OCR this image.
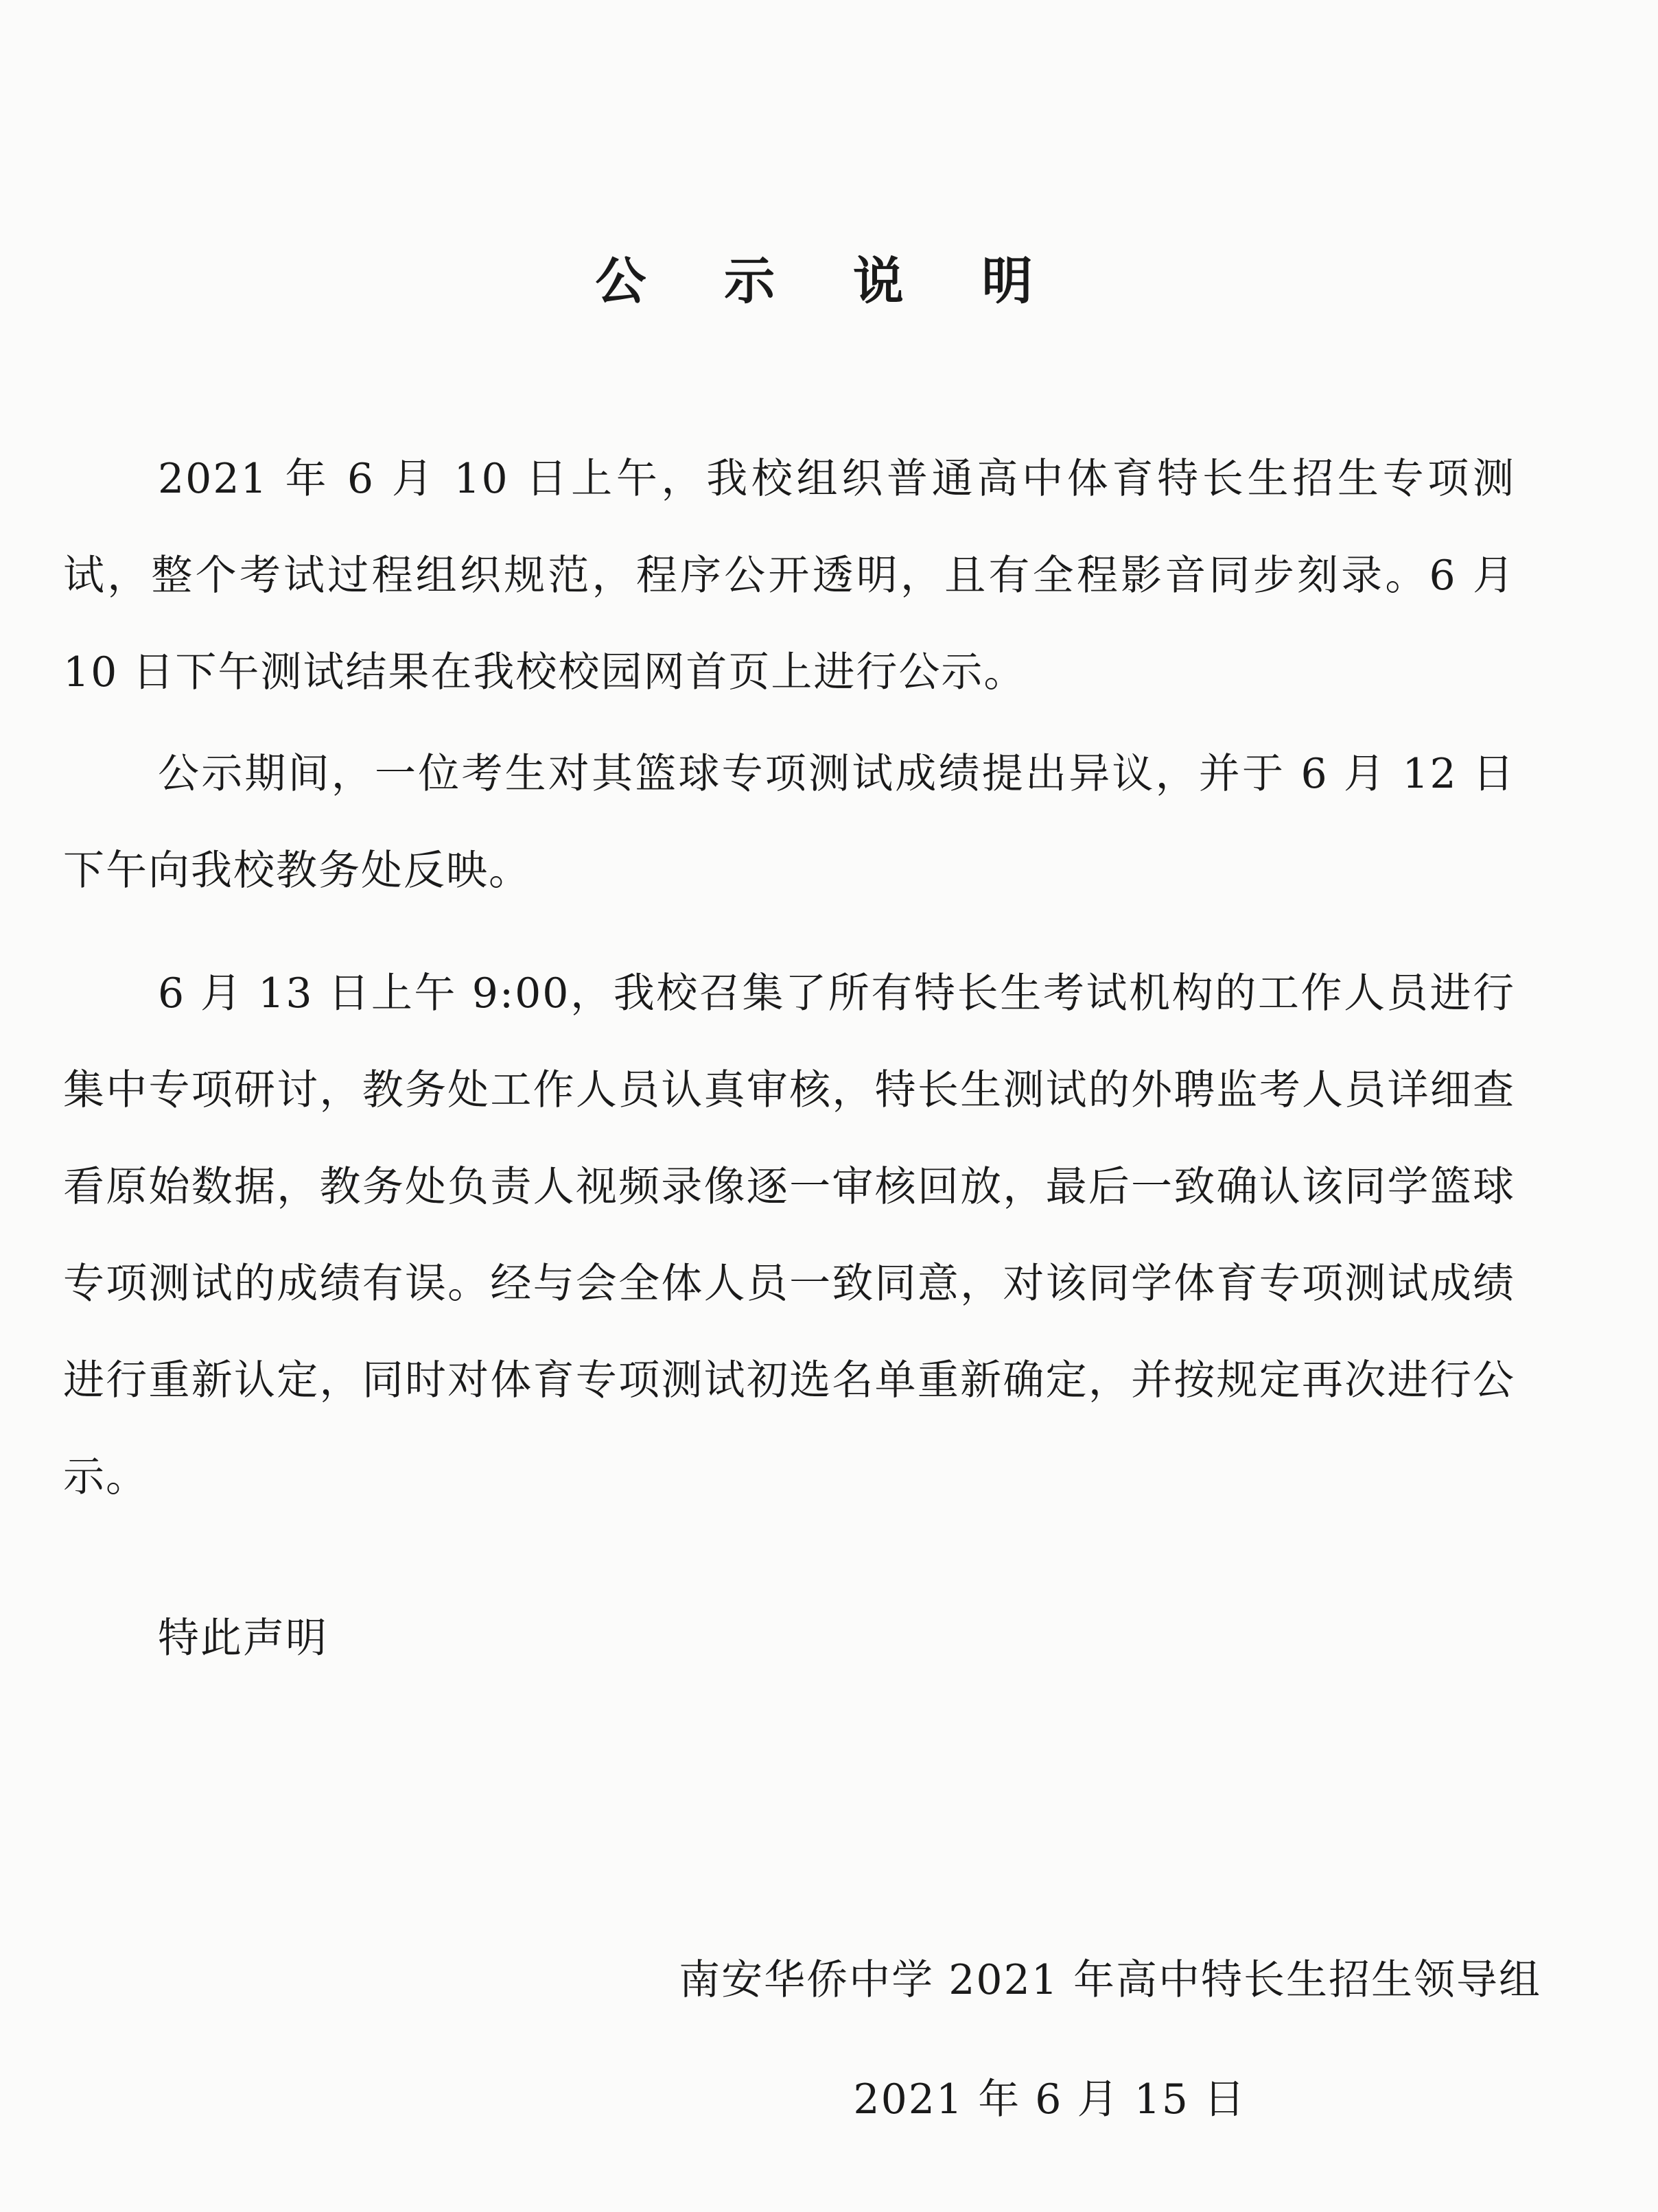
公 示 说 明

2021 年 6 月 10 日上午，我校组织普通高中体育特长生招生专项测试，整个考试过程组织规范，程序公开透明，且有全程影音同步刻录。6 月 10 日下午测试结果在我校校园网首页上进行公示。

公示期间，一位考生对其篮球专项测试成绩提出异议，并于 6 月 12 日下午向我校教务处反映。

6 月 13 日上午 9:00，我校召集了所有特长生考试机构的工作人员进行集中专项研讨，教务处工作人员认真审核，特长生测试的外聘监考人员详细查看原始数据，教务处负责人视频录像逐一审核回放，最后一致确认该同学篮球专项测试的成绩有误。经与会全体人员一致同意，对该同学体育专项测试成绩进行重新认定，同时对体育专项测试初选名单重新确定，并按规定再次进行公示。

特此声明

南安华侨中学 2021 年高中特长生招生领导组
2021 年 6 月 15 日
